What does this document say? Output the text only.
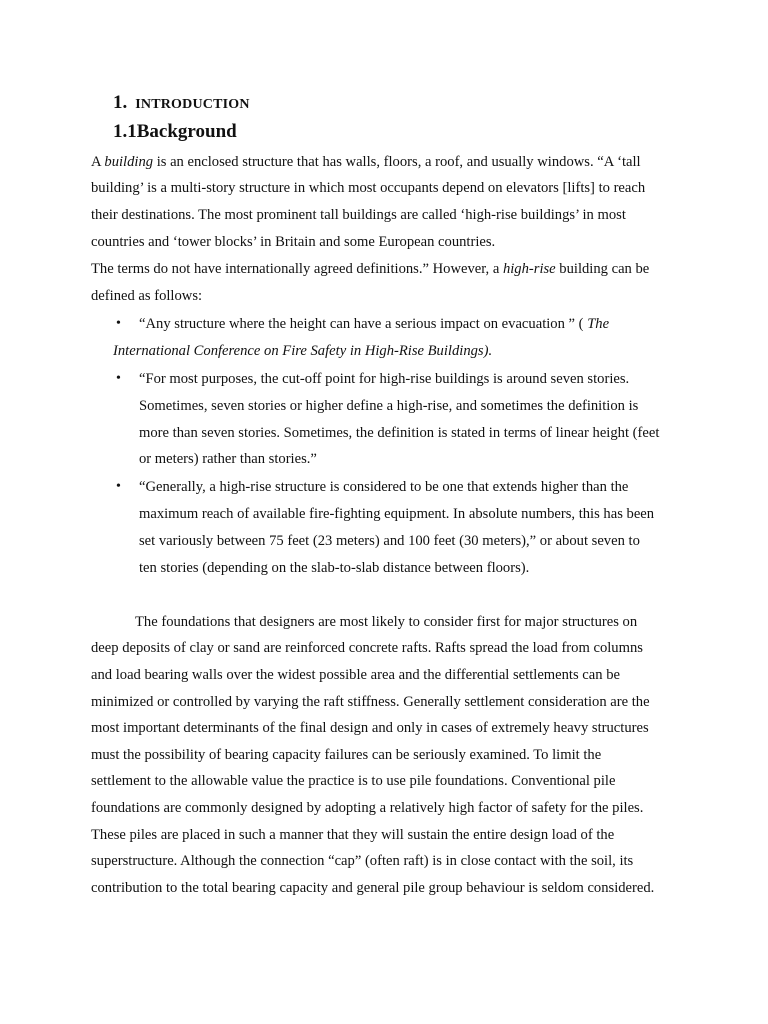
1. INTRODUCTION
1.1Background
A building is an enclosed structure that has walls, floors, a roof, and usually windows. “A ‘tall
building’ is a multi-story structure in which most occupants depend on elevators [lifts] to reach
their destinations. The most prominent tall buildings are called ‘high-rise buildings’ in most
countries and ‘tower blocks’ in Britain and some European countries.
The terms do not have internationally agreed definitions.” However, a high-rise building can be
defined as follows:
• “Any structure where the height can have a serious impact on evacuation ” ( The
International Conference on Fire Safety in High-Rise Buildings).
• “For most purposes, the cut-off point for high-rise buildings is around seven stories.
Sometimes, seven stories or higher define a high-rise, and sometimes the definition is
more than seven stories. Sometimes, the definition is stated in terms of linear height (feet
or meters) rather than stories.”
• “Generally, a high-rise structure is considered to be one that extends higher than the
maximum reach of available fire-fighting equipment. In absolute numbers, this has been
set variously between 75 feet (23 meters) and 100 feet (30 meters),” or about seven to
ten stories (depending on the slab-to-slab distance between floors).
The foundations that designers are most likely to consider first for major structures on
deep deposits of clay or sand are reinforced concrete rafts. Rafts spread the load from columns
and load bearing walls over the widest possible area and the differential settlements can be
minimized or controlled by varying the raft stiffness. Generally settlement consideration are the
most important determinants of the final design and only in cases of extremely heavy structures
must the possibility of bearing capacity failures can be seriously examined. To limit the
settlement to the allowable value the practice is to use pile foundations. Conventional pile
foundations are commonly designed by adopting a relatively high factor of safety for the piles.
These piles are placed in such a manner that they will sustain the entire design load of the
superstructure. Although the connection “cap” (often raft) is in close contact with the soil, its
contribution to the total bearing capacity and general pile group behaviour is seldom considered.
